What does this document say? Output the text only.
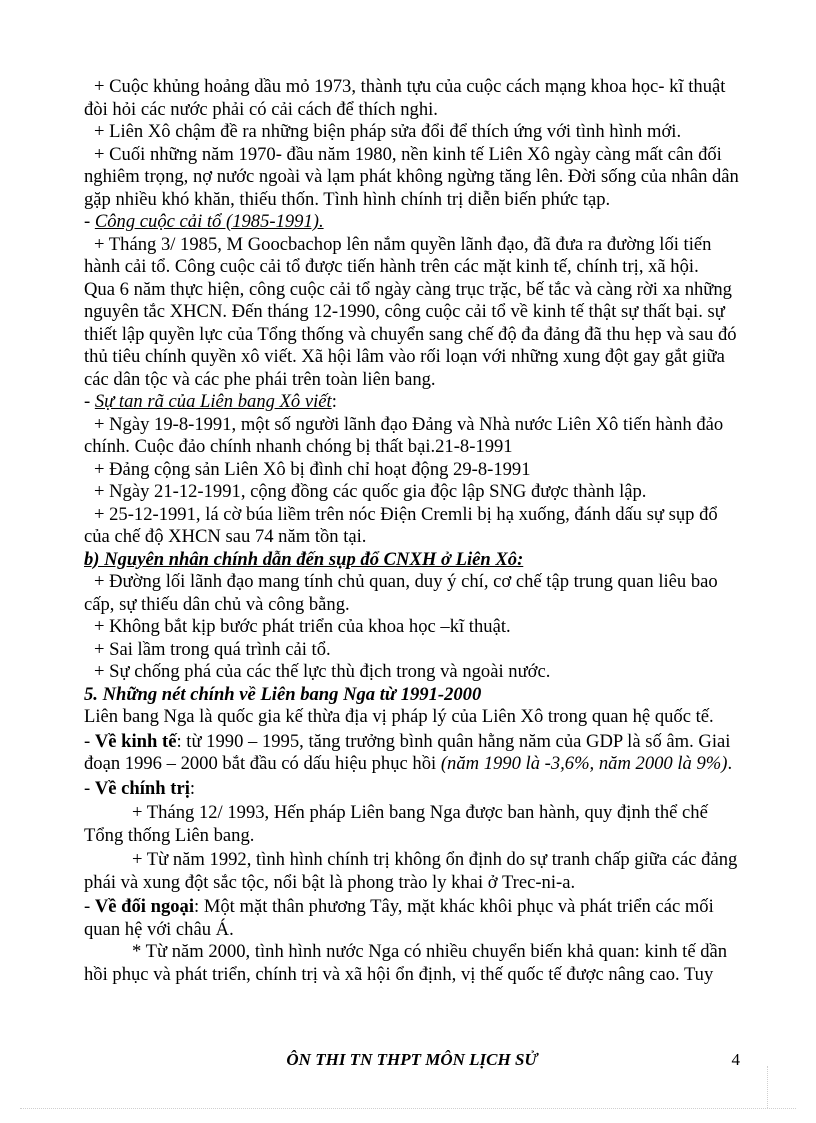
+ Cuộc khủng hoảng dầu mỏ 1973, thành tựu của cuộc cách mạng khoa học- kĩ thuật
đòi hỏi các nước phải có cải cách để thích nghi.
+ Liên Xô chậm đề ra những biện pháp sửa đổi để thích ứng với tình hình mới.
+ Cuối những năm 1970- đầu năm 1980, nền kinh tế Liên Xô ngày càng mất cân đối
nghiêm trọng, nợ nước ngoài và lạm phát không ngừng tăng lên. Đời sống của nhân dân
gặp nhiều khó khăn, thiếu thốn. Tình hình chính trị diễn biến phức tạp.
- Công cuộc cải tổ (1985-1991).
+ Tháng 3/ 1985, M Goocbachop lên nắm quyền lãnh đạo, đã đưa ra đường lối tiến
hành cải tổ. Công cuộc cải tổ được tiến hành trên các mặt kinh tế, chính trị, xã hội.
Qua 6 năm thực hiện, công cuộc cải tổ ngày càng trục trặc, bế tắc và càng rời xa những
nguyên tắc XHCN. Đến tháng 12-1990, công cuộc cải tổ về kinh tế thật sự thất bại. sự
thiết lập quyền lực của Tổng thống và chuyển sang chế độ đa đảng đã thu hẹp và sau đó
thủ tiêu chính quyền xô viết. Xã hội lâm vào rối loạn với những xung đột gay gắt giữa
các dân tộc và các phe phái trên toàn liên bang.
- Sự tan rã của Liên bang Xô viết:
+ Ngày 19-8-1991, một số người lãnh đạo Đảng và Nhà nước Liên Xô tiến hành đảo
chính. Cuộc đảo chính nhanh chóng bị thất bại.21-8-1991
+ Đảng cộng sản Liên Xô bị đình chỉ hoạt động 29-8-1991
+ Ngày 21-12-1991, cộng đồng các quốc gia độc lập SNG được thành lập.
+ 25-12-1991, lá cờ búa liềm trên nóc Điện Cremli bị hạ xuống, đánh dấu sự sụp đổ
của chế độ XHCN sau 74 năm tồn tại.
b) Nguyên nhân chính dẫn đến sụp đổ CNXH ở Liên Xô:
+ Đường lối lãnh đạo mang tính chủ quan, duy ý chí, cơ chế tập trung quan liêu bao
cấp, sự thiếu dân chủ và công bằng.
+ Không bắt kịp bước phát triển của khoa học –kĩ thuật.
+ Sai lầm trong quá trình cải tổ.
+ Sự chống phá của các thế lực thù địch trong và ngoài nước.
5. Những nét chính về Liên bang Nga từ 1991-2000
Liên bang Nga là quốc gia kế thừa địa vị pháp lý của Liên Xô trong quan hệ quốc tế.
- Về kinh tế: từ 1990 – 1995, tăng trưởng bình quân hằng năm của GDP là số âm. Giai
đoạn 1996 – 2000 bắt đầu có dấu hiệu phục hồi (năm 1990 là -3,6%, năm 2000 là 9%).
- Về chính trị:
+ Tháng 12/ 1993, Hến pháp Liên bang Nga được ban hành, quy định thể chế
Tổng thống Liên bang.
+ Từ năm 1992, tình hình chính trị không ổn định do sự tranh chấp giữa các đảng
phái và xung đột sắc tộc, nổi bật là phong trào ly khai ở Trec-ni-a.
- Về đối ngoại: Một mặt thân phương Tây, mặt khác khôi phục và phát triển các mối
quan hệ với châu Á.
* Từ năm 2000, tình hình nước Nga có nhiều chuyển biến khả quan: kinh tế dần
hồi phục và phát triển, chính trị và xã hội ổn định, vị thế quốc tế được nâng cao. Tuy
ÔN THI TN THPT MÔN LỊCH SỬ	4
